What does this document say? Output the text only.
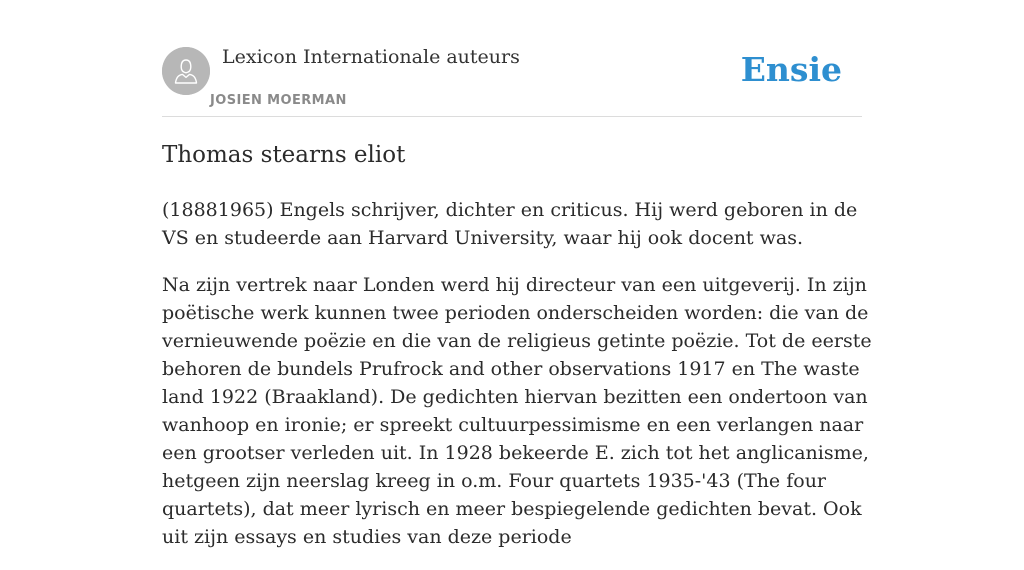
Lexicon Internationale auteurs
JOSIEN MOERMAN
Ensie
Thomas stearns eliot

(18881965) Engels schrijver, dichter en criticus. Hij werd geboren in de VS en studeerde aan Harvard University, waar hij ook docent was.

Na zijn vertrek naar Londen werd hij directeur van een uitgeverij. In zijn poëtische werk kunnen twee perioden onderscheiden worden: die van de vernieuwende poëzie en die van de religieus getinte poëzie. Tot de eerste behoren de bundels Prufrock and other observations 1917 en The waste land 1922 (Braakland). De gedichten hiervan bezitten een ondertoon van wanhoop en ironie; er spreekt cultuurpessimisme en een verlangen naar een grootser verleden uit. In 1928 bekeerde E. zich tot het anglicanisme, hetgeen zijn neerslag kreeg in o.m. Four quartets 1935-'43 (The four quartets), dat meer lyrisch en meer bespiegelende gedichten bevat. Ook uit zijn essays en studies van deze periode
